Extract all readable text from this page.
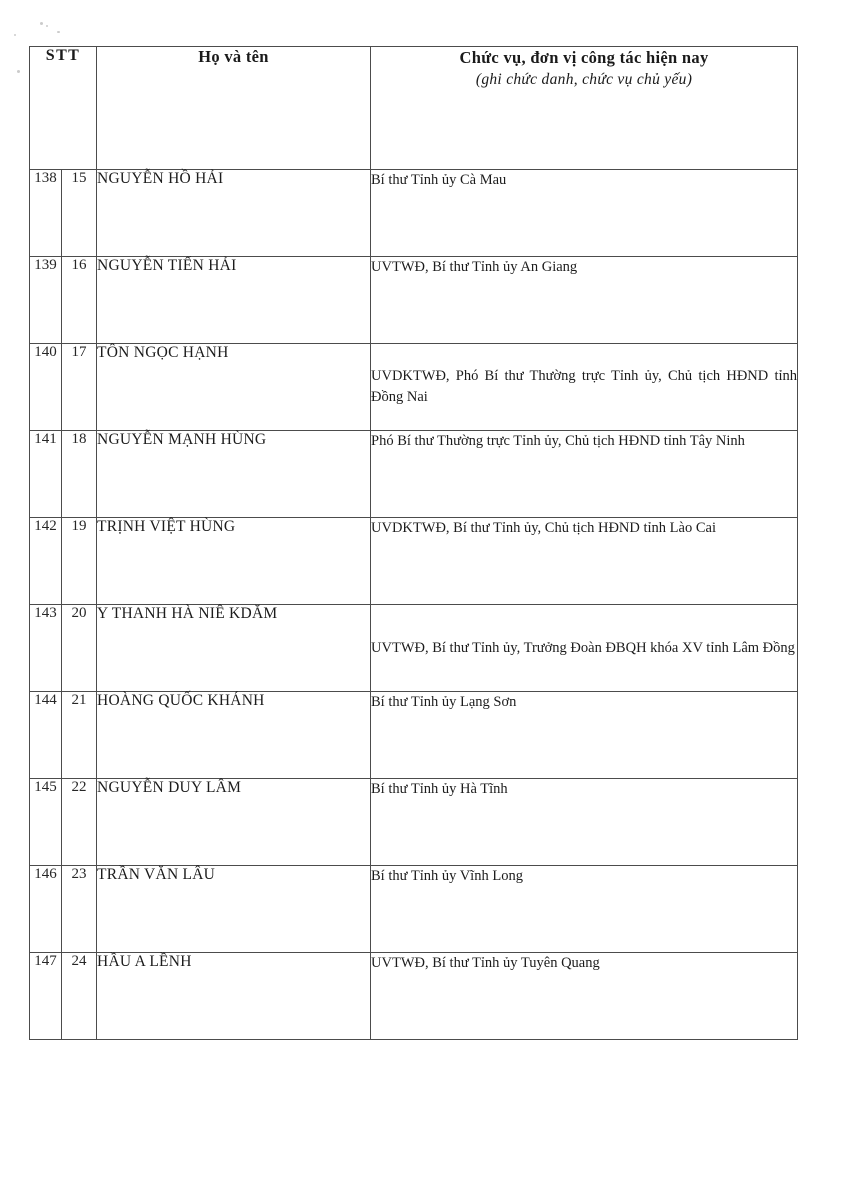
STT		Họ và tên	Chức vụ, đơn vị công tác hiện nay
(ghi chức danh, chức vụ chủ yếu)

138	15	NGUYỄN HỒ HẢI	Bí thư Tỉnh ủy Cà Mau
139	16	NGUYỄN TIẾN HẢI	UVTWĐ, Bí thư Tỉnh ủy An Giang
140	17	TÔN NGỌC HẠNH	UVDKTWĐ, Phó Bí thư Thường trực Tỉnh ủy, Chủ tịch HĐND tỉnh Đồng Nai
141	18	NGUYỄN MẠNH HÙNG	Phó Bí thư Thường trực Tỉnh ủy, Chủ tịch HĐND tỉnh Tây Ninh
142	19	TRỊNH VIỆT HÙNG	UVDKTWĐ, Bí thư Tỉnh ủy, Chủ tịch HĐND tỉnh Lào Cai
143	20	Y THANH HÀ NIÊ KDĂM	UVTWĐ, Bí thư Tỉnh ủy, Trưởng Đoàn ĐBQH khóa XV tỉnh Lâm Đồng
144	21	HOÀNG QUỐC KHÁNH	Bí thư Tỉnh ủy Lạng Sơn
145	22	NGUYỄN DUY LÂM	Bí thư Tỉnh ủy Hà Tĩnh
146	23	TRẦN VĂN LÂU	Bí thư Tỉnh ủy Vĩnh Long
147	24	HẦU A LỀNH	UVTWĐ, Bí thư Tỉnh ủy Tuyên Quang
